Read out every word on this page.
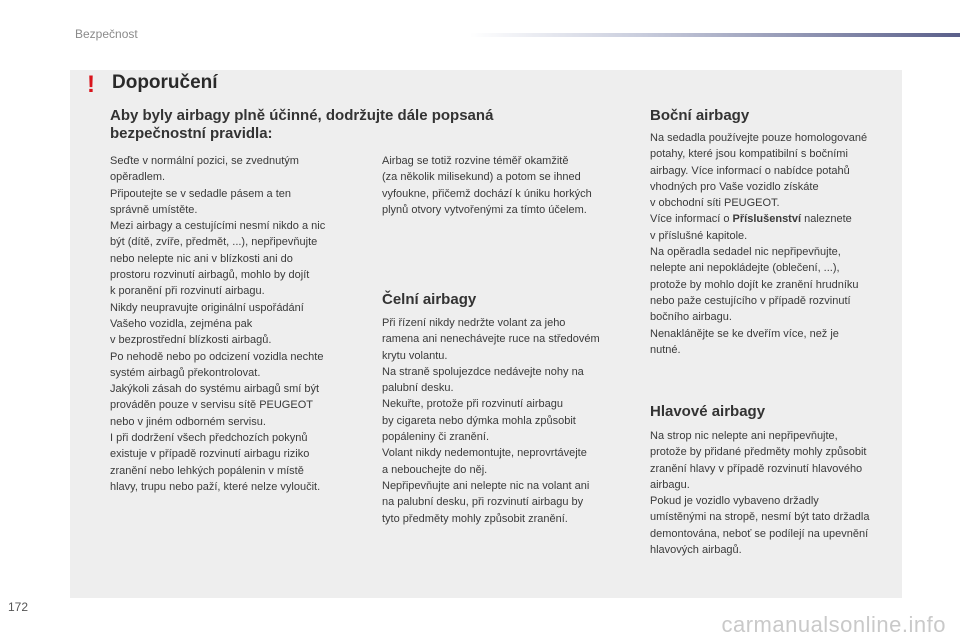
Bezpečnost
! Doporučení
Aby byly airbagy plně účinné, dodržujte dále popsaná bezpečnostní pravidla:
Seďte v normální pozici, se zvednutým
opěradlem.
Připoutejte se v sedadle pásem a ten
správně umístěte.
Mezi airbagy a cestujícími nesmí nikdo a nic
být (dítě, zvíře, předmět, ...), nepřipevňujte
nebo nelepte nic ani v blízkosti ani do
prostoru rozvinutí airbagů, mohlo by dojít
k poranění při rozvinutí airbagu.
Nikdy neupravujte originální uspořádání
Vašeho vozidla, zejména pak
v bezprostřední blízkosti airbagů.
Po nehodě nebo po odcizení vozidla nechte
systém airbagů překontrolovat.
Jakýkoli zásah do systému airbagů smí být
prováděn pouze v servisu sítě PEUGEOT
nebo v jiném odborném servisu.
I při dodržení všech předchozích pokynů
existuje v případě rozvinutí airbagu riziko
zranění nebo lehkých popálenin v místě
hlavy, trupu nebo paží, které nelze vyloučit.
Airbag se totiž rozvine téměř okamžitě
(za několik milisekund) a potom se ihned
vyfoukne, přičemž dochází k úniku horkých
plynů otvory vytvořenými za tímto účelem.
Čelní airbagy
Při řízení nikdy nedržte volant za jeho
ramena ani nenechávejte ruce na středovém
krytu volantu.
Na straně spolujezdce nedávejte nohy na
palubní desku.
Nekuřte, protože při rozvinutí airbagu
by cigareta nebo dýmka mohla způsobit
popáleniny či zranění.
Volant nikdy nedemontujte, neprovrtávejte
a nebouchejte do něj.
Nepřipevňujte ani nelepte nic na volant ani
na palubní desku, při rozvinutí airbagu by
tyto předměty mohly způsobit zranění.
Boční airbagy
Na sedadla používejte pouze homologované
potahy, které jsou kompatibilní s bočními
airbagy. Více informací o nabídce potahů
vhodných pro Vaše vozidlo získáte
v obchodní síti PEUGEOT.
Více informací o Příslušenství naleznete
v příslušné kapitole.
Na opěradla sedadel nic nepřipevňujte,
nelepte ani nepokládejte (oblečení, ...),
protože by mohlo dojít ke zranění hrudníku
nebo paže cestujícího v případě rozvinutí
bočního airbagu.
Nenaklánějte se ke dveřím více, než je
nutné.
Hlavové airbagy
Na strop nic nelepte ani nepřipevňujte,
protože by přidané předměty mohly způsobit
zranění hlavy v případě rozvinutí hlavového
airbagu.
Pokud je vozidlo vybaveno držadly
umístěnými na stropě, nesmí být tato držadla
demontována, neboť se podílejí na upevnění
hlavových airbagů.
172
carmanualsonline.info
